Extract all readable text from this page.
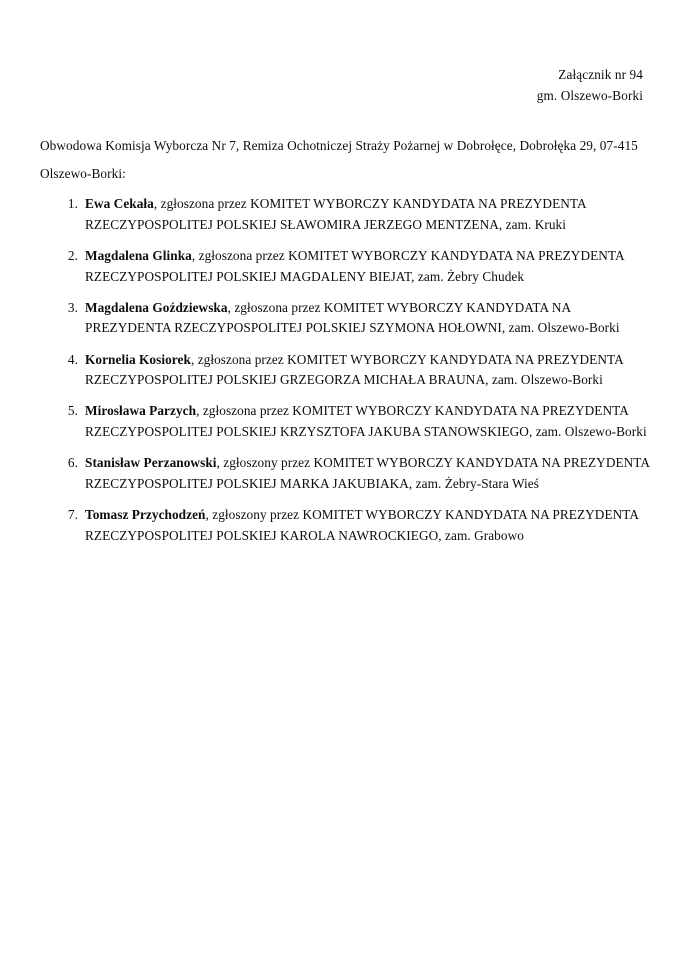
Załącznik nr 94
gm. Olszewo-Borki

Obwodowa Komisja Wyborcza Nr 7, Remiza Ochotniczej Straży Pożarnej w Dobrołęce, Dobrołęka 29, 07-415 Olszewo-Borki:

1. Ewa Cekała, zgłoszona przez KOMITET WYBORCZY KANDYDATA NA PREZYDENTA RZECZYPOSPOLITEJ POLSKIEJ SŁAWOMIRA JERZEGO MENTZENA, zam. Kruki
2. Magdalena Glinka, zgłoszona przez KOMITET WYBORCZY KANDYDATA NA PREZYDENTA RZECZYPOSPOLITEJ POLSKIEJ MAGDALENY BIEJAT, zam. Żebry Chudek
3. Magdalena Goździewska, zgłoszona przez KOMITET WYBORCZY KANDYDATA NA PREZYDENTA RZECZYPOSPOLITEJ POLSKIEJ SZYMONA HOŁOWNI, zam. Olszewo-Borki
4. Kornelia Kosiorek, zgłoszona przez KOMITET WYBORCZY KANDYDATA NA PREZYDENTA RZECZYPOSPOLITEJ POLSKIEJ GRZEGORZA MICHAŁA BRAUNA, zam. Olszewo-Borki
5. Mirosława Parzych, zgłoszona przez KOMITET WYBORCZY KANDYDATA NA PREZYDENTA RZECZYPOSPOLITEJ POLSKIEJ KRZYSZTOFA JAKUBA STANOWSKIEGO, zam. Olszewo-Borki
6. Stanisław Perzanowski, zgłoszony przez KOMITET WYBORCZY KANDYDATA NA PREZYDENTA RZECZYPOSPOLITEJ POLSKIEJ MARKA JAKUBIAKA, zam. Żebry-Stara Wieś
7. Tomasz Przychodzeń, zgłoszony przez KOMITET WYBORCZY KANDYDATA NA PREZYDENTA RZECZYPOSPOLITEJ POLSKIEJ KAROLA NAWROCKIEGO, zam. Grabowo
